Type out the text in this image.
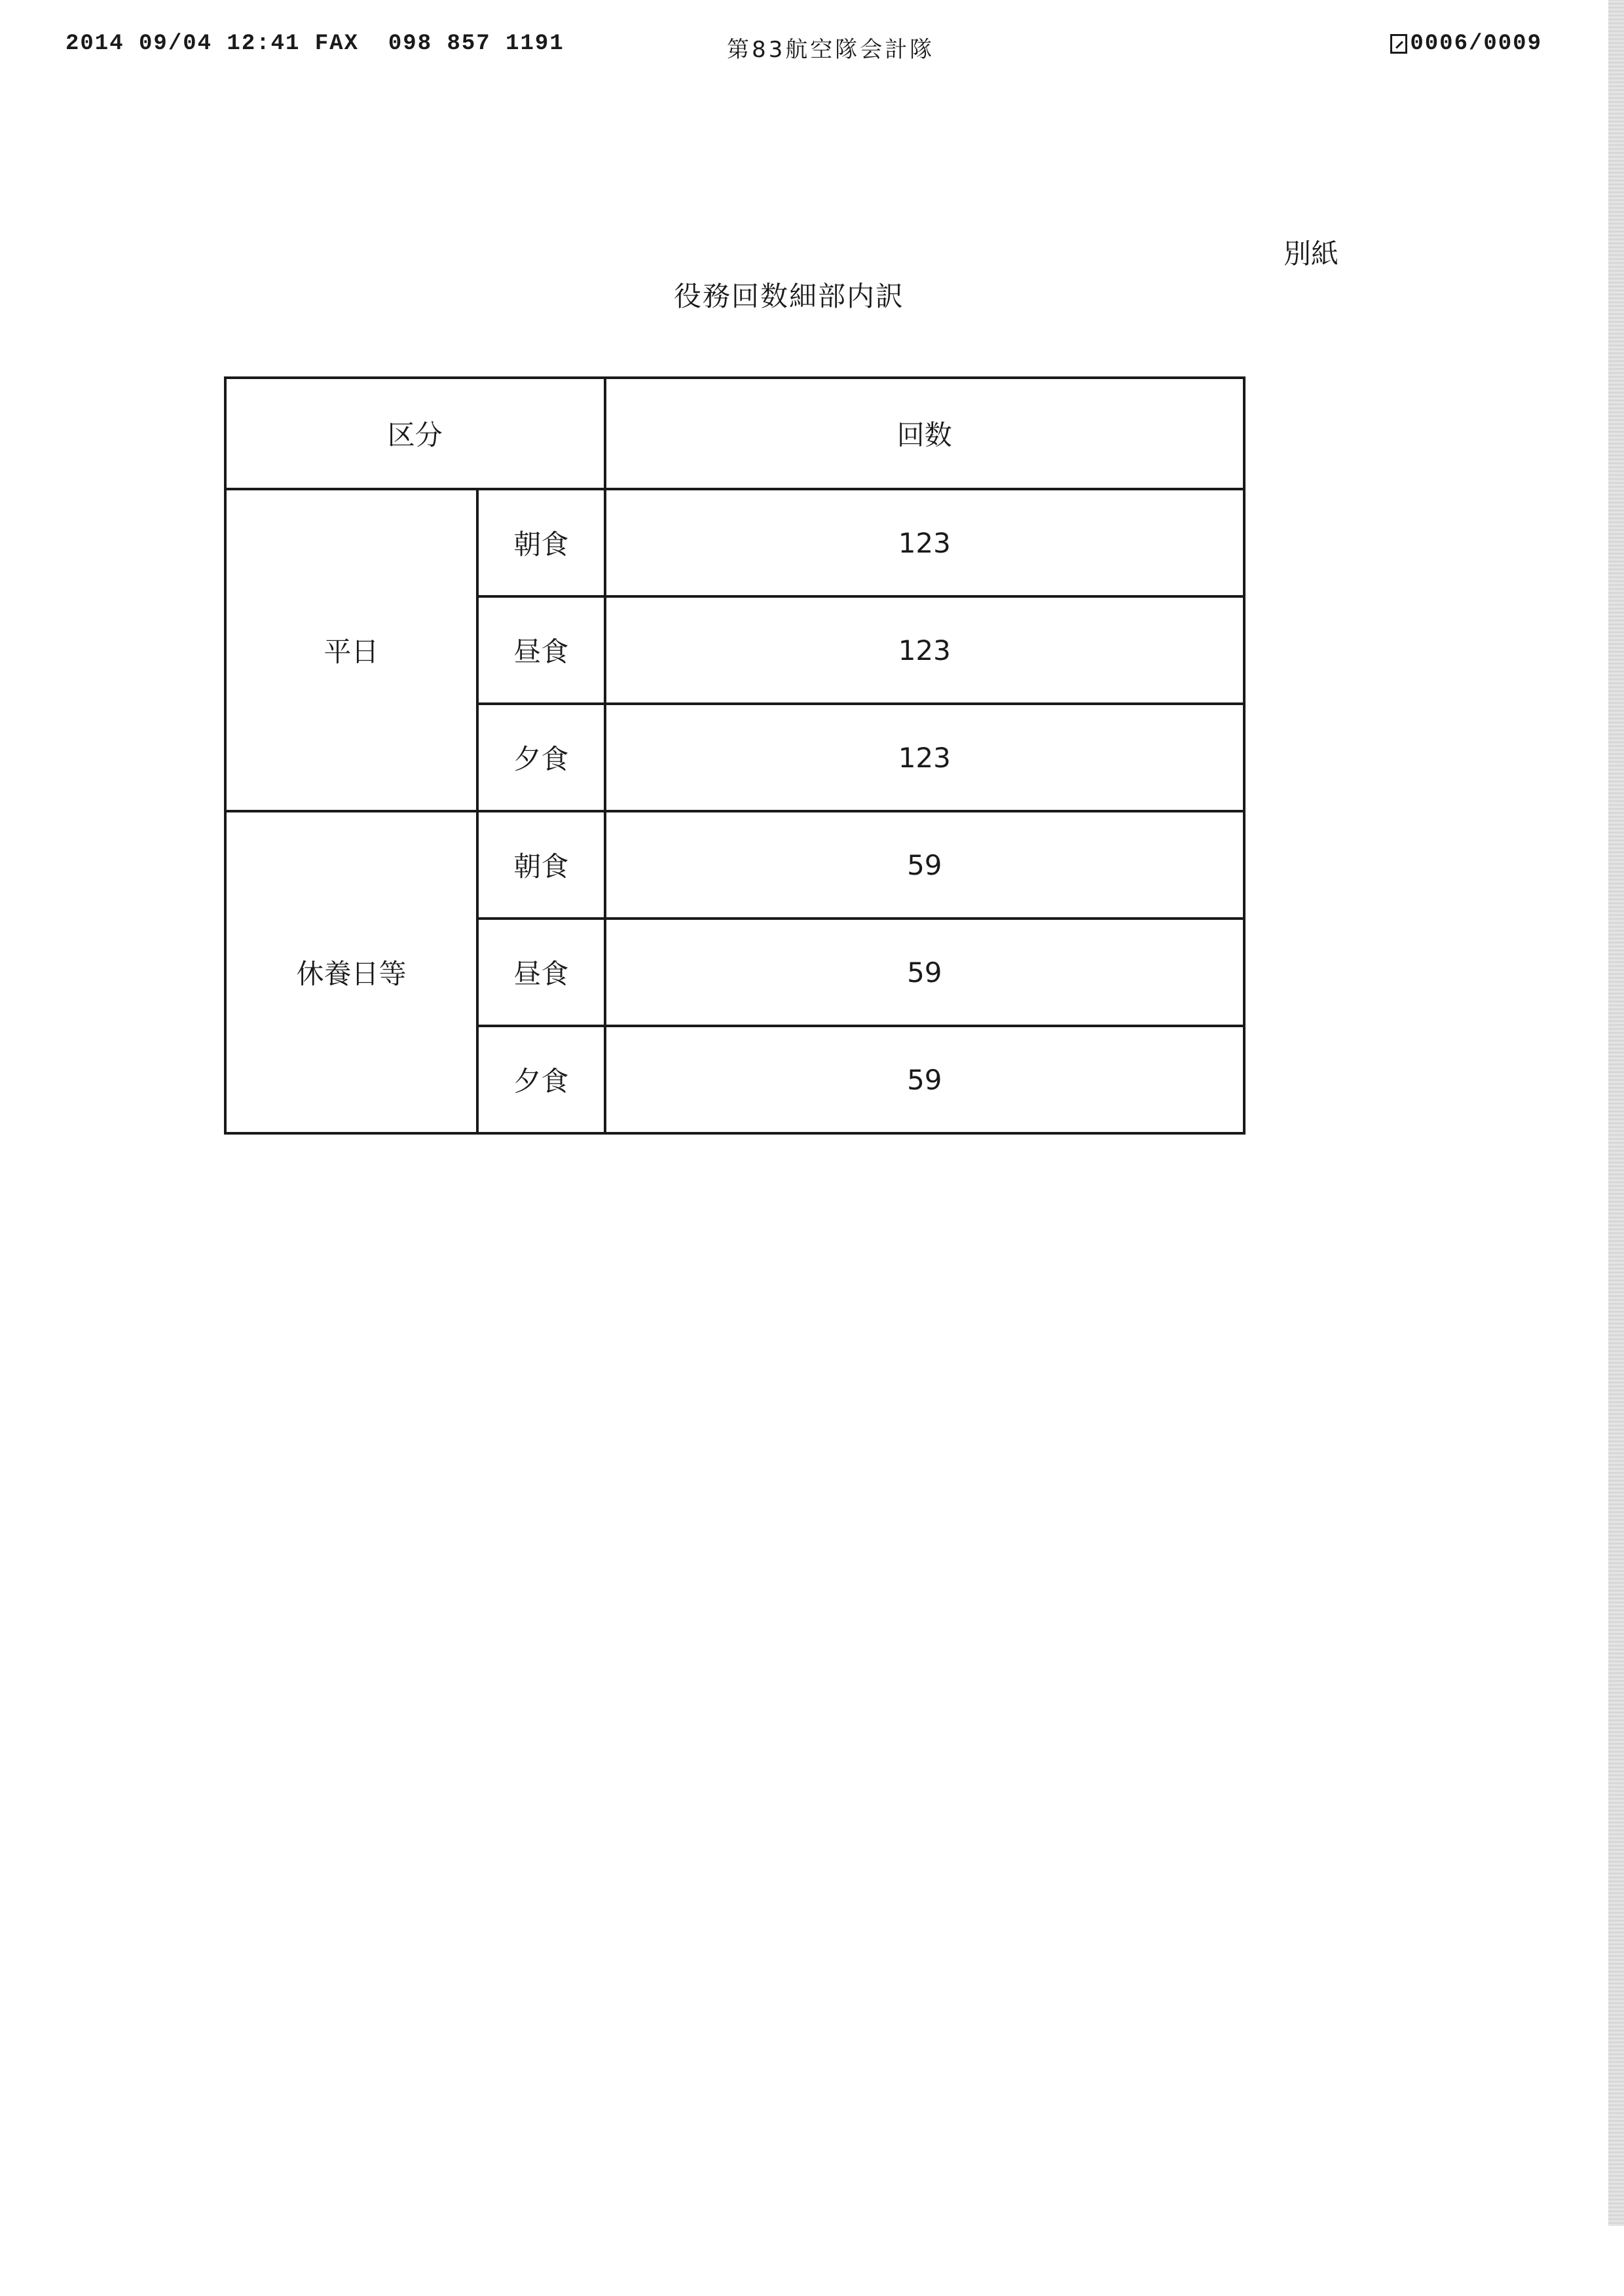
2014 09/04 12:41 FAX 098 857 1191	第83航空隊会計隊	0006/0009
別紙
役務回数細部内訳
区分		回数
平日	朝食	123
	昼食	123
	夕食	123
休養日等	朝食	59
	昼食	59
	夕食	59
